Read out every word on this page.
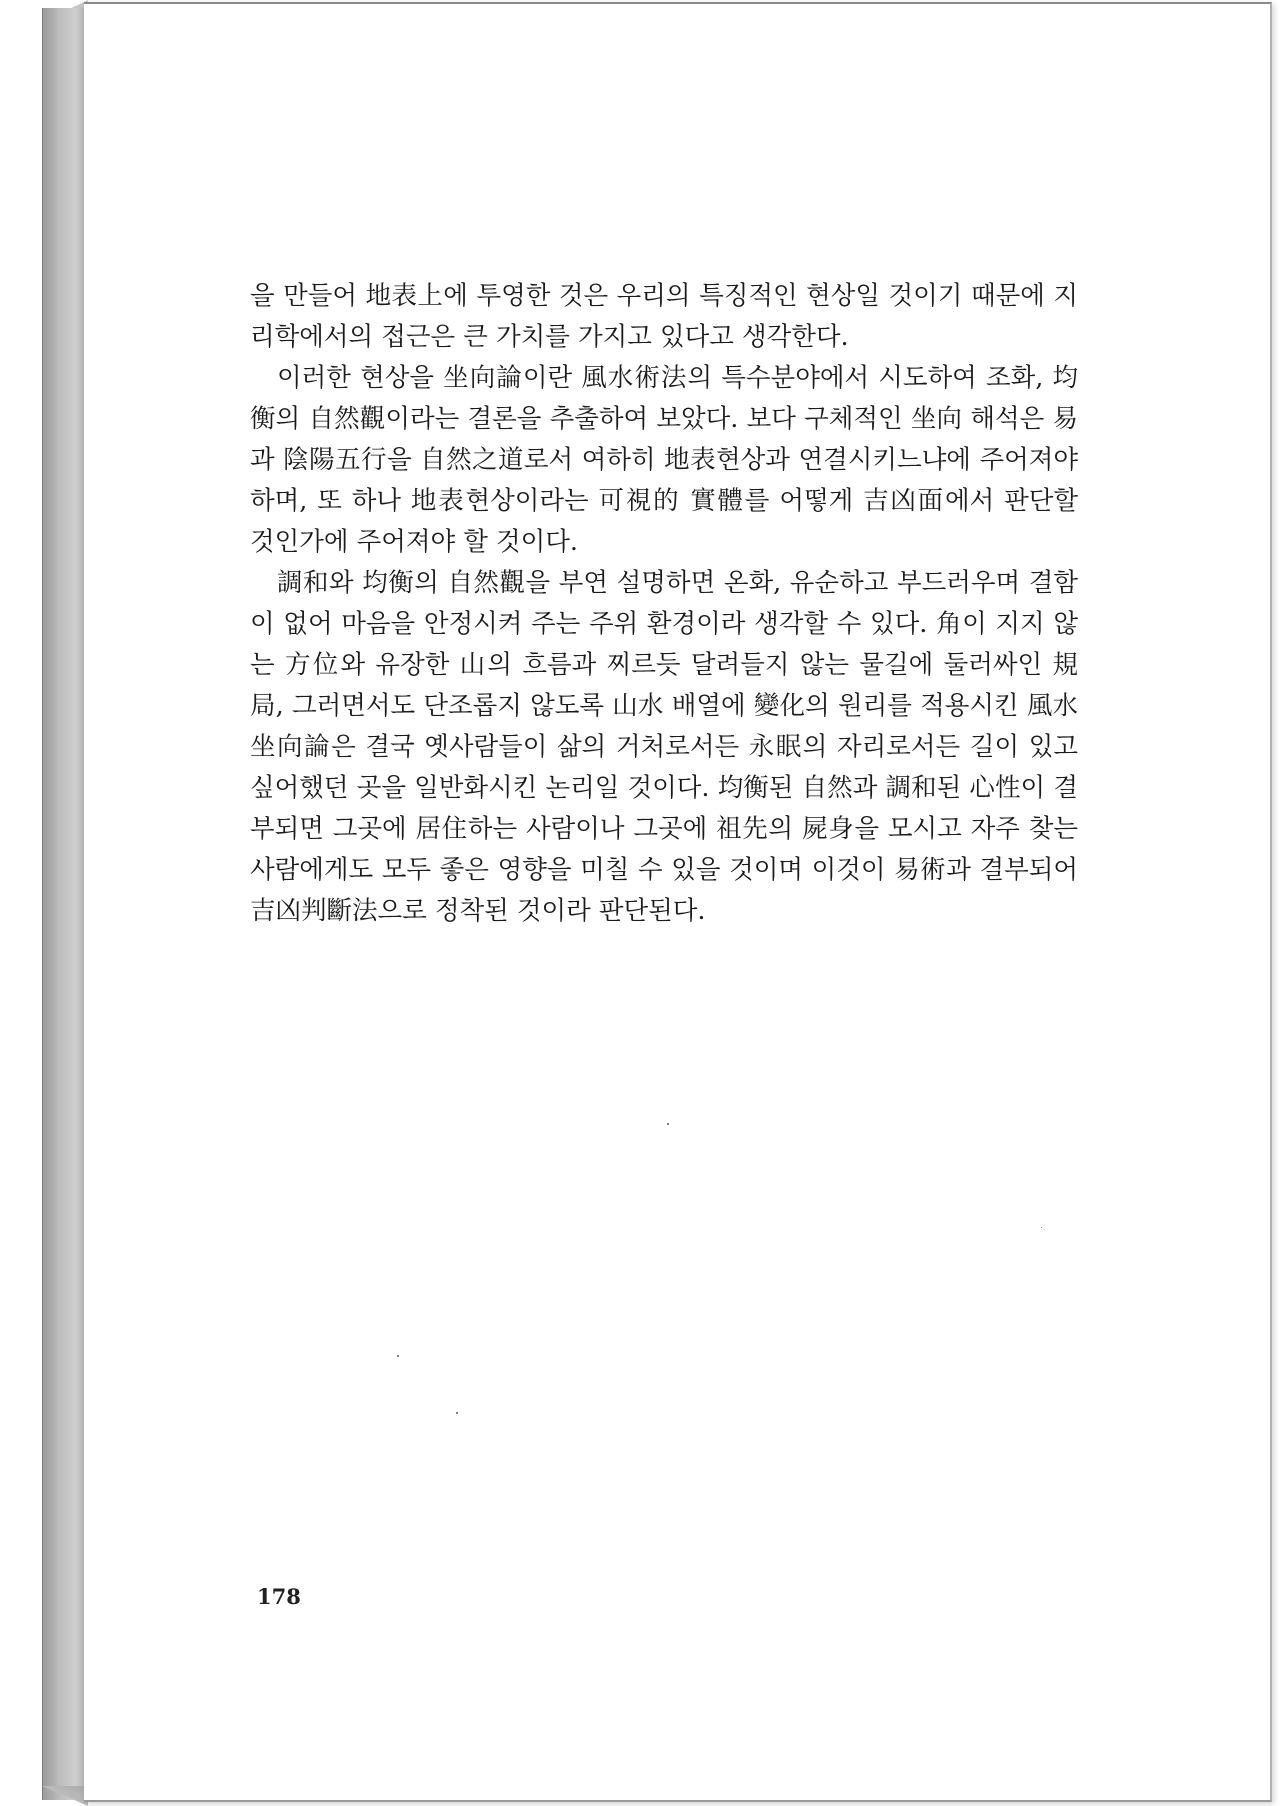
을 만들어 地表上에 투영한 것은 우리의 특징적인 현상일 것이기 때문에 지리학에서의 접근은 큰 가치를 가지고 있다고 생각한다.

이러한 현상을 坐向論이란 風水術法의 특수분야에서 시도하여 조화, 均衡의 自然觀이라는 결론을 추출하여 보았다. 보다 구체적인 坐向 해석은 易과 陰陽五行을 自然之道로서 여하히 地表현상과 연결시키느냐에 주어져야 하며, 또 하나 地表현상이라는 可視的 實體를 어떻게 吉凶面에서 판단할 것인가에 주어져야 할 것이다.

調和와 均衡의 自然觀을 부연 설명하면 온화, 유순하고 부드러우며 결함이 없어 마음을 안정시켜 주는 주위 환경이라 생각할 수 있다. 角이 지지 않는 方位와 유장한 山의 흐름과 찌르듯 달려들지 않는 물길에 둘러싸인 規局, 그러면서도 단조롭지 않도록 山水 배열에 變化의 원리를 적용시킨 風水 坐向論은 결국 옛사람들이 삶의 거처로서든 永眠의 자리로서든 길이 있고 싶어했던 곳을 일반화시킨 논리일 것이다. 均衡된 自然과 調和된 心性이 결부되면 그곳에 居住하는 사람이나 그곳에 祖先의 屍身을 모시고 자주 찾는 사람에게도 모두 좋은 영향을 미칠 수 있을 것이며 이것이 易術과 결부되어 吉凶判斷法으로 정착된 것이라 판단된다.

178
